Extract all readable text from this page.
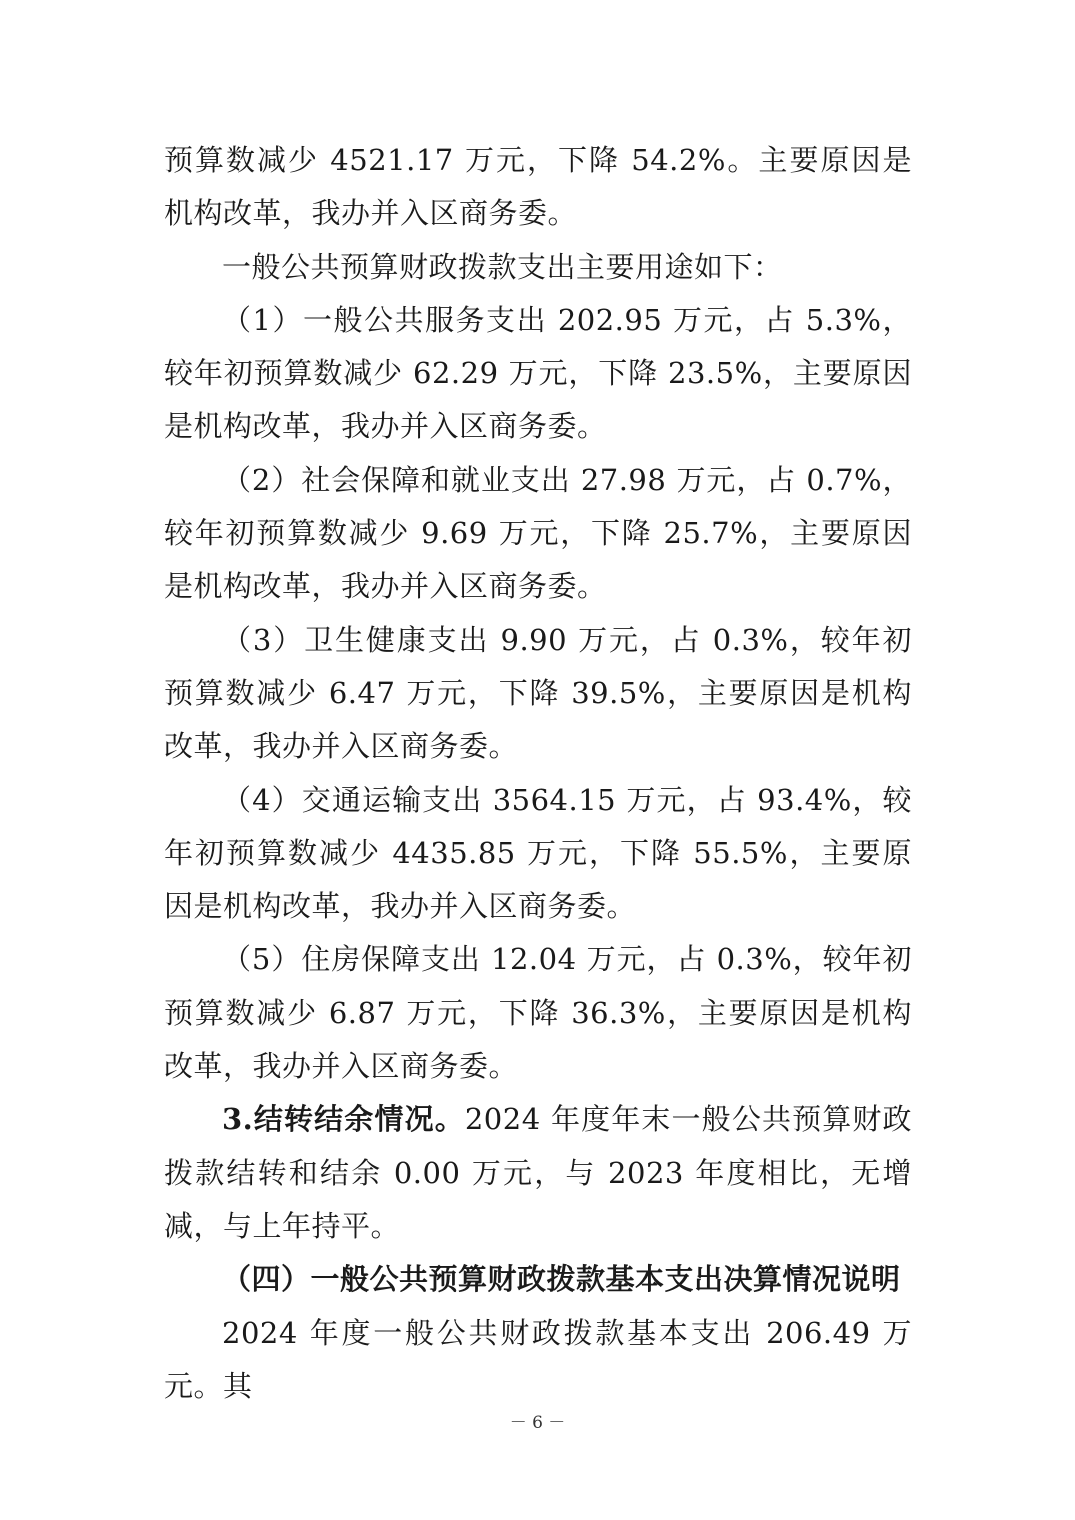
预算数减少 4521.17 万元，下降 54.2%。主要原因是机构改革，我办并入区商务委。

一般公共预算财政拨款支出主要用途如下：

（1）一般公共服务支出 202.95 万元，占 5.3%，较年初预算数减少 62.29 万元，下降 23.5%，主要原因是机构改革，我办并入区商务委。

（2）社会保障和就业支出 27.98 万元，占 0.7%，较年初预算数减少 9.69 万元，下降 25.7%，主要原因是机构改革，我办并入区商务委。

（3）卫生健康支出 9.90 万元，占 0.3%，较年初预算数减少 6.47 万元，下降 39.5%，主要原因是机构改革，我办并入区商务委。

（4）交通运输支出 3564.15 万元，占 93.4%，较年初预算数减少 4435.85 万元，下降 55.5%，主要原因是机构改革，我办并入区商务委。

（5）住房保障支出 12.04 万元，占 0.3%，较年初预算数减少 6.87 万元，下降 36.3%，主要原因是机构改革，我办并入区商务委。

3.结转结余情况。2024 年度年末一般公共预算财政拨款结转和结余 0.00 万元，与 2023 年度相比，无增减，与上年持平。

（四）一般公共预算财政拨款基本支出决算情况说明

2024 年度一般公共财政拨款基本支出 206.49 万元。其

－ 6 －
